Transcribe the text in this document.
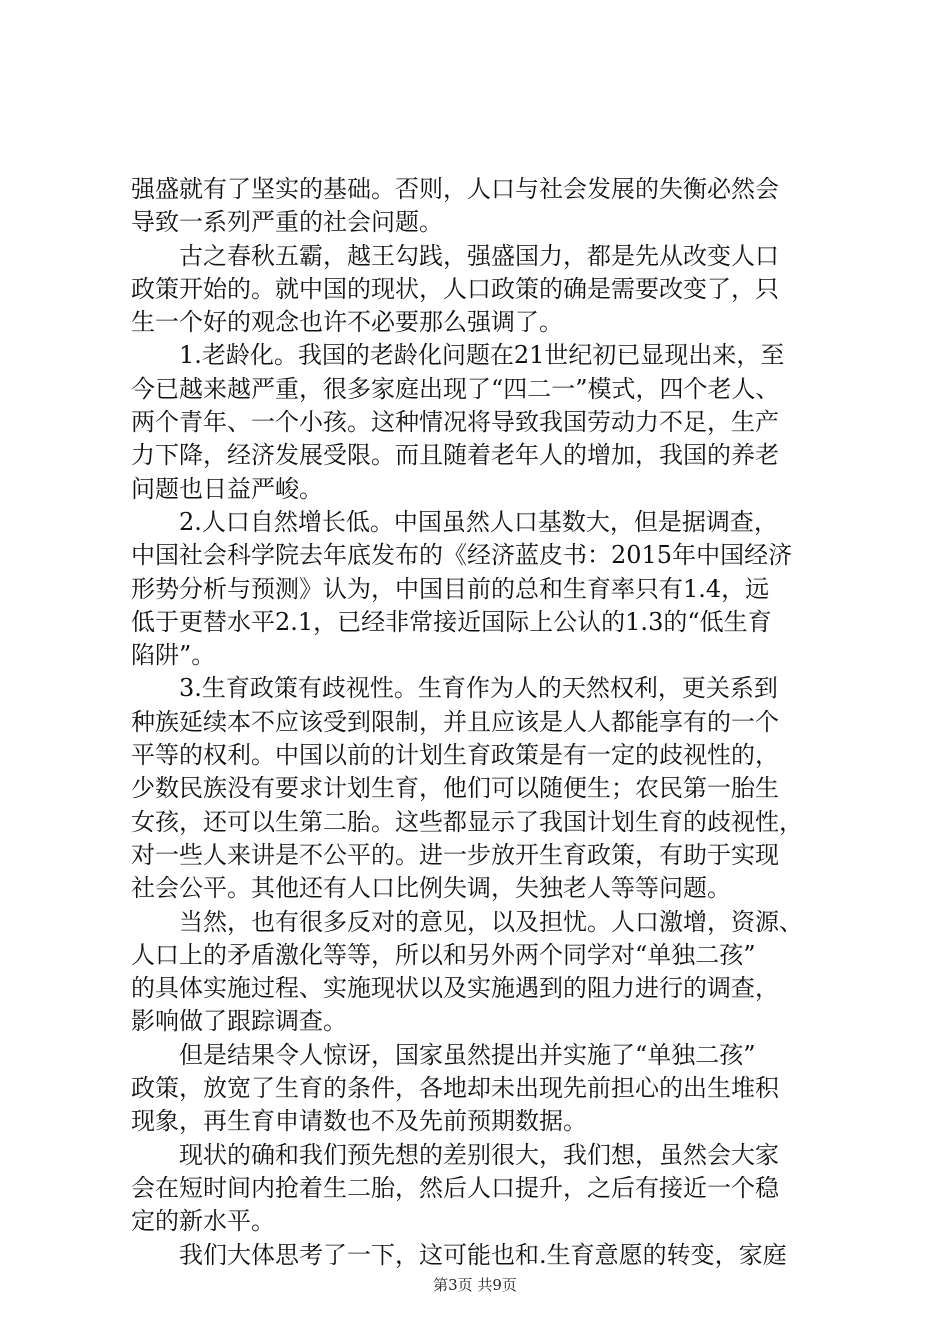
强盛就有了坚实的基础。否则，人口与社会发展的失衡必然会
导致一系列严重的社会问题。
　　古之春秋五霸，越王勾践，强盛国力，都是先从改变人口
政策开始的。就中国的现状，人口政策的确是需要改变了，只
生一个好的观念也许不必要那么强调了。
　　1.老龄化。我国的老龄化问题在21世纪初已显现出来，至
今已越来越严重，很多家庭出现了“四二一”模式，四个老人、
两个青年、一个小孩。这种情况将导致我国劳动力不足，生产
力下降，经济发展受限。而且随着老年人的增加，我国的养老
问题也日益严峻。
　　2.人口自然增长低。中国虽然人口基数大，但是据调查，
中国社会科学院去年底发布的《经济蓝皮书：2015年中国经济
形势分析与预测》认为，中国目前的总和生育率只有1.4，远
低于更替水平2.1，已经非常接近国际上公认的1.3的“低生育
陷阱”。
　　3.生育政策有歧视性。生育作为人的天然权利，更关系到
种族延续本不应该受到限制，并且应该是人人都能享有的一个
平等的权利。中国以前的计划生育政策是有一定的歧视性的，
少数民族没有要求计划生育，他们可以随便生；农民第一胎生
女孩，还可以生第二胎。这些都显示了我国计划生育的歧视性，
对一些人来讲是不公平的。进一步放开生育政策，有助于实现
社会公平。其他还有人口比例失调，失独老人等等问题。
　　当然，也有很多反对的意见，以及担忧。人口激增，资源、
人口上的矛盾激化等等，所以和另外两个同学对“单独二孩”
的具体实施过程、实施现状以及实施遇到的阻力进行的调查，
影响做了跟踪调查。
　　但是结果令人惊讶，国家虽然提出并实施了“单独二孩”
政策，放宽了生育的条件，各地却未出现先前担心的出生堆积
现象，再生育申请数也不及先前预期数据。
　　现状的确和我们预先想的差别很大，我们想，虽然会大家
会在短时间内抢着生二胎，然后人口提升，之后有接近一个稳
定的新水平。
　　我们大体思考了一下，这可能也和.生育意愿的转变，家庭
第3页 共9页
